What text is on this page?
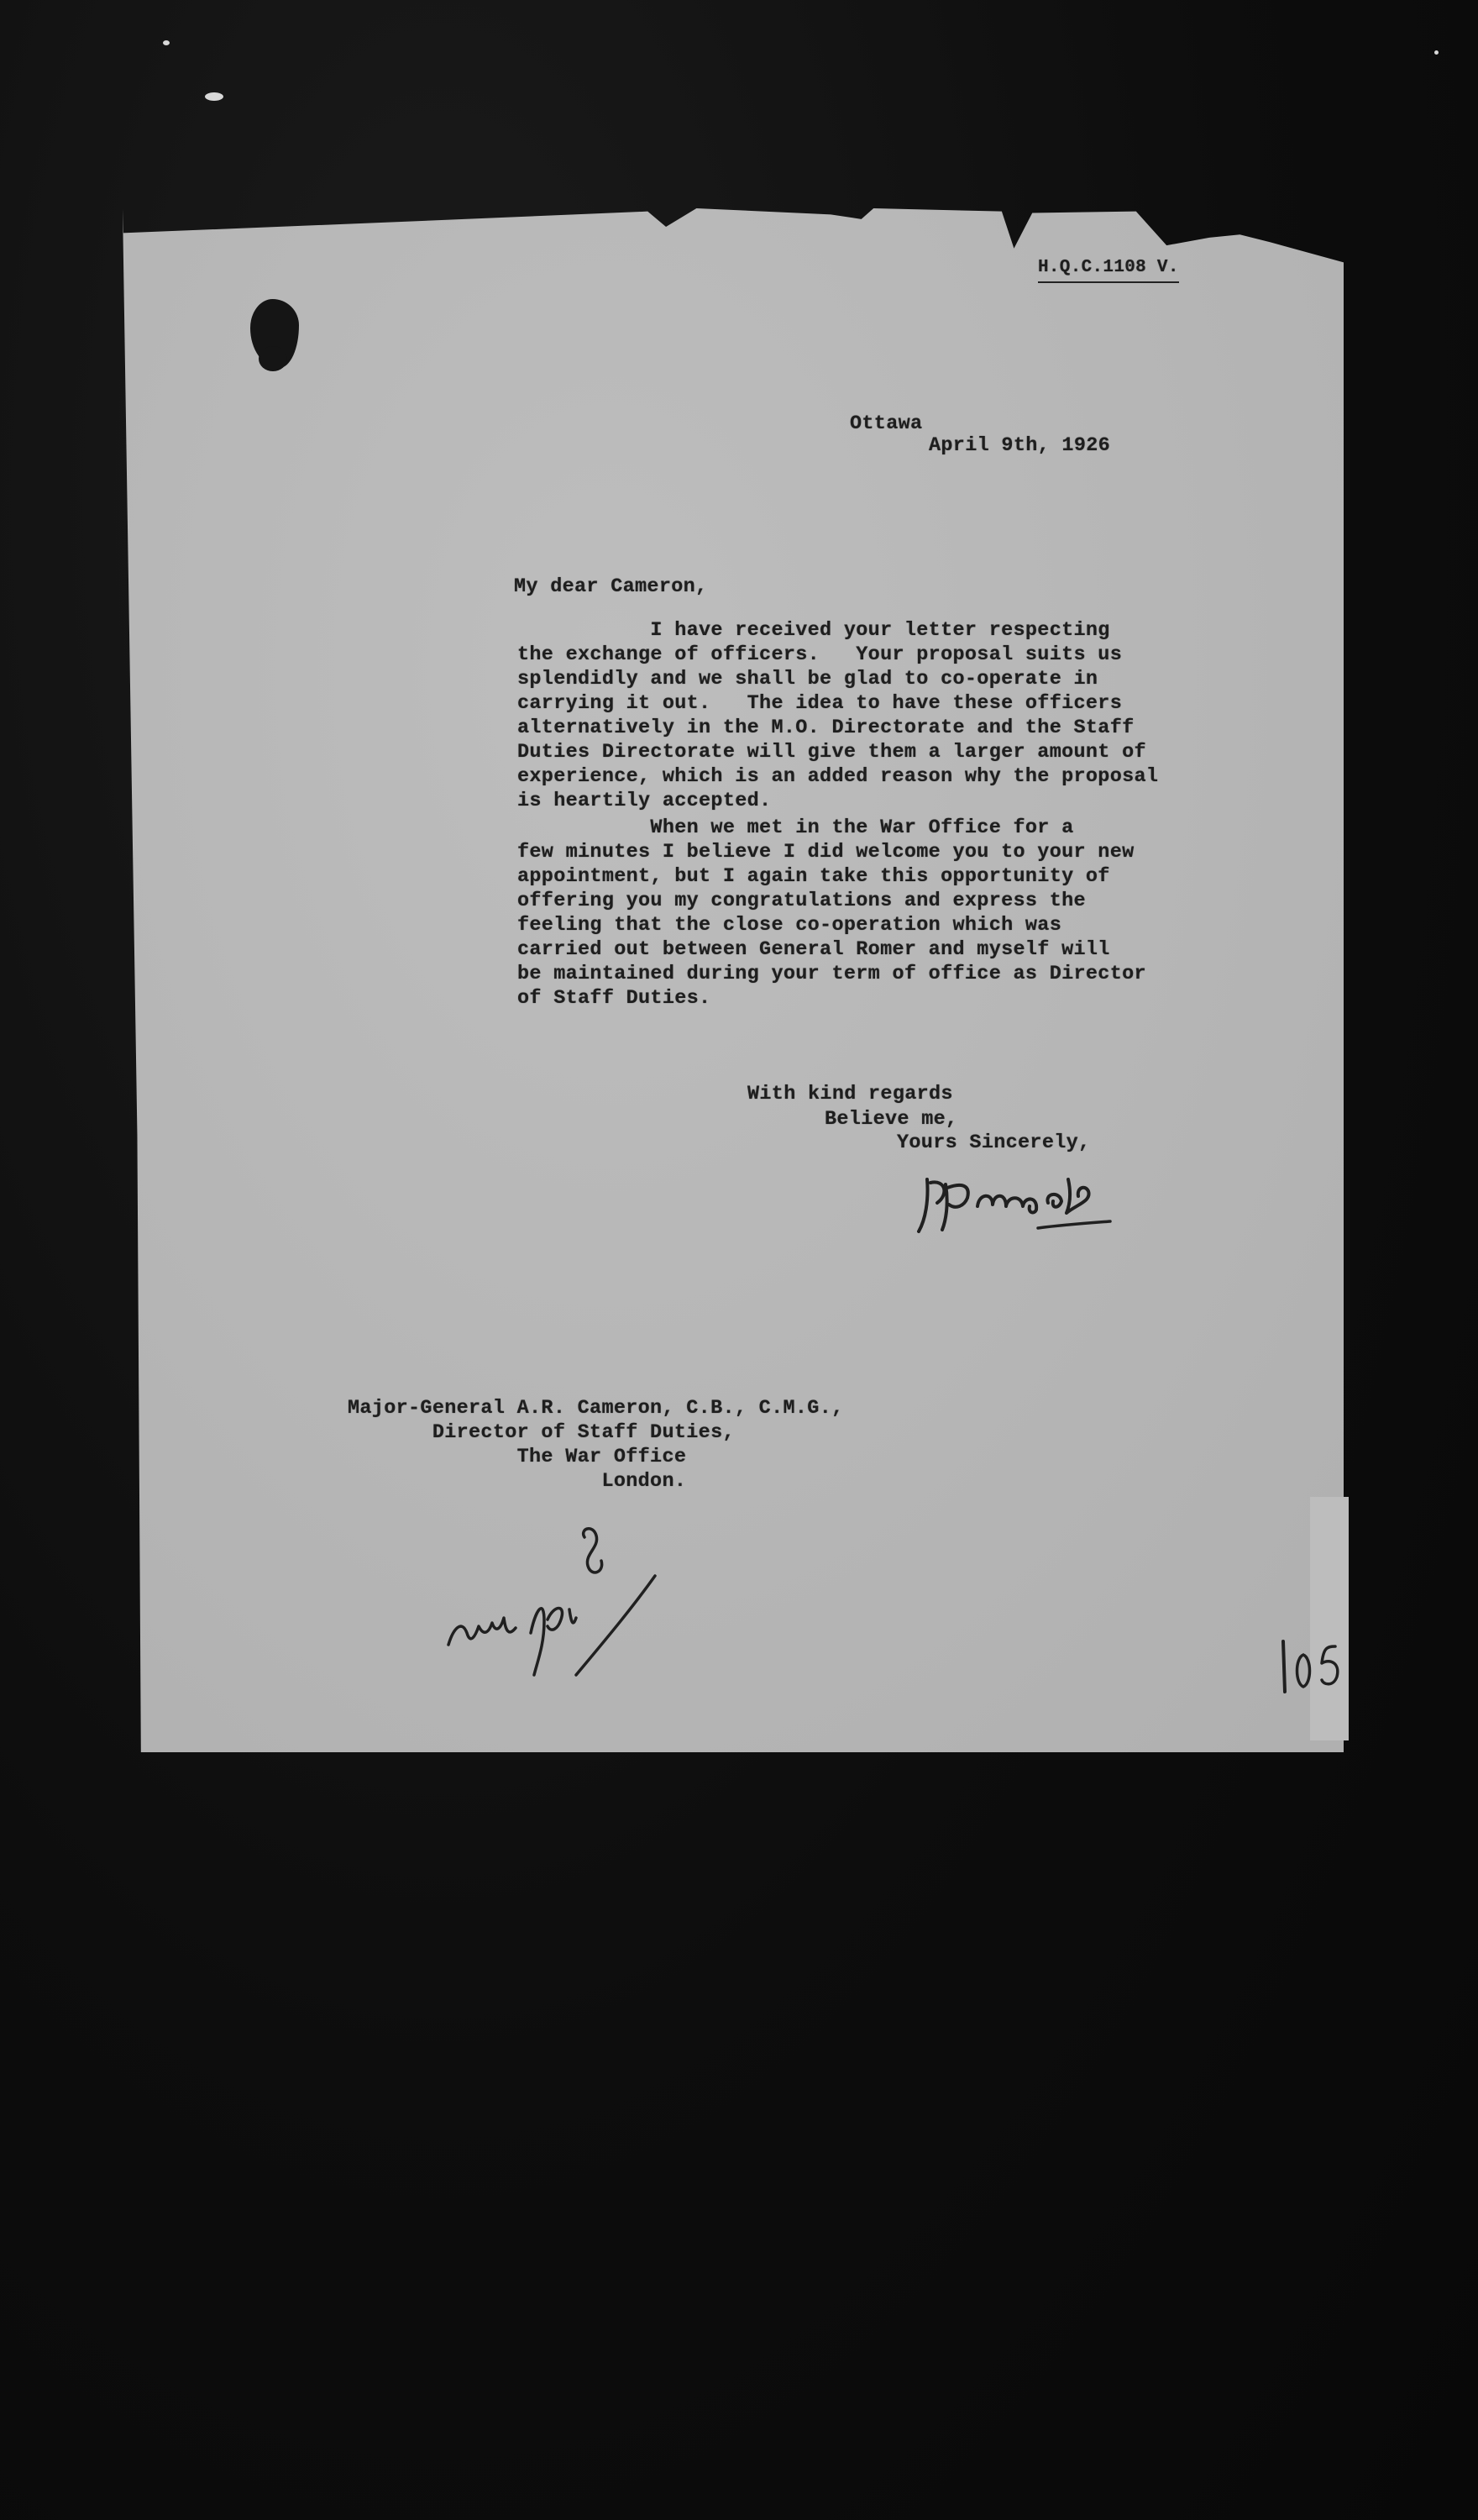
H.Q.C.1108 V.
Ottawa
April 9th, 1926
My dear Cameron,
I have received your letter respecting
the exchange of officers.   Your proposal suits us
splendidly and we shall be glad to co-operate in
carrying it out.   The idea to have these officers
alternatively in the M.O. Directorate and the Staff
Duties Directorate will give them a larger amount of
experience, which is an added reason why the proposal
is heartily accepted.
When we met in the War Office for a
few minutes I believe I did welcome you to your new
appointment, but I again take this opportunity of
offering you my congratulations and express the
feeling that the close co-operation which was
carried out between General Romer and myself will
be maintained during your term of office as Director
of Staff Duties.
With kind regards
Believe me,
Yours Sincerely,
Major-General A.R. Cameron, C.B., C.M.G.,
Director of Staff Duties,
The War Office
London.
